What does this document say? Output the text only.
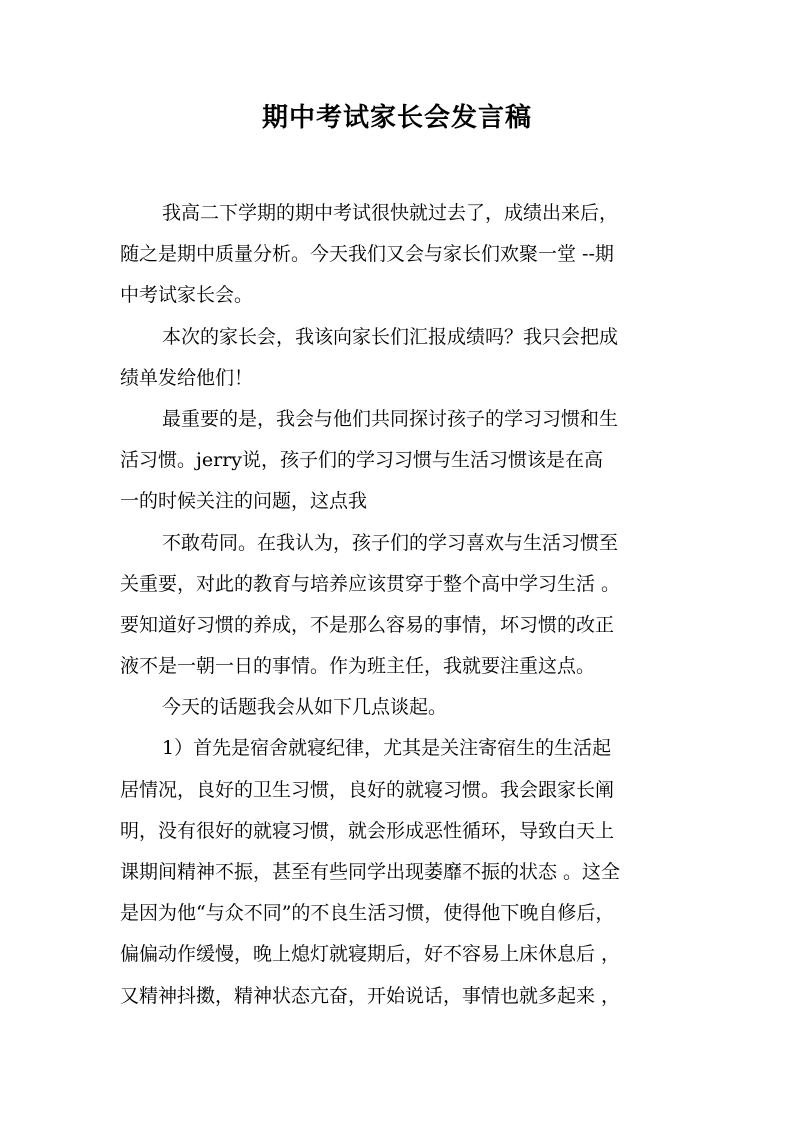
期中考试家长会发言稿
我高二下学期的期中考试很快就过去了，成绩出来后，
随之是期中质量分析。今天我们又会与家长们欢聚一堂 --期
中考试家长会。
本次的家长会，我该向家长们汇报成绩吗？我只会把成
绩单发给他们！
最重要的是，我会与他们共同探讨孩子的学习习惯和生
活习惯。jerry说，孩子们的学习习惯与生活习惯该是在高
一的时候关注的问题，这点我
不敢苟同。在我认为，孩子们的学习喜欢与生活习惯至
关重要，对此的教育与培养应该贯穿于整个高中学习生活 。
要知道好习惯的养成，不是那么容易的事情，坏习惯的改正
液不是一朝一日的事情。作为班主任，我就要注重这点。
今天的话题我会从如下几点谈起。
1）首先是宿舍就寝纪律，尤其是关注寄宿生的生活起
居情况，良好的卫生习惯，良好的就寝习惯。我会跟家长阐
明，没有很好的就寝习惯，就会形成恶性循环，导致白天上
课期间精神不振，甚至有些同学出现萎靡不振的状态 。这全
是因为他“与众不同”的不良生活习惯，使得他下晚自修后，
偏偏动作缓慢，晚上熄灯就寝期后，好不容易上床休息后 ，
又精神抖擞，精神状态亢奋，开始说话，事情也就多起来 ，
